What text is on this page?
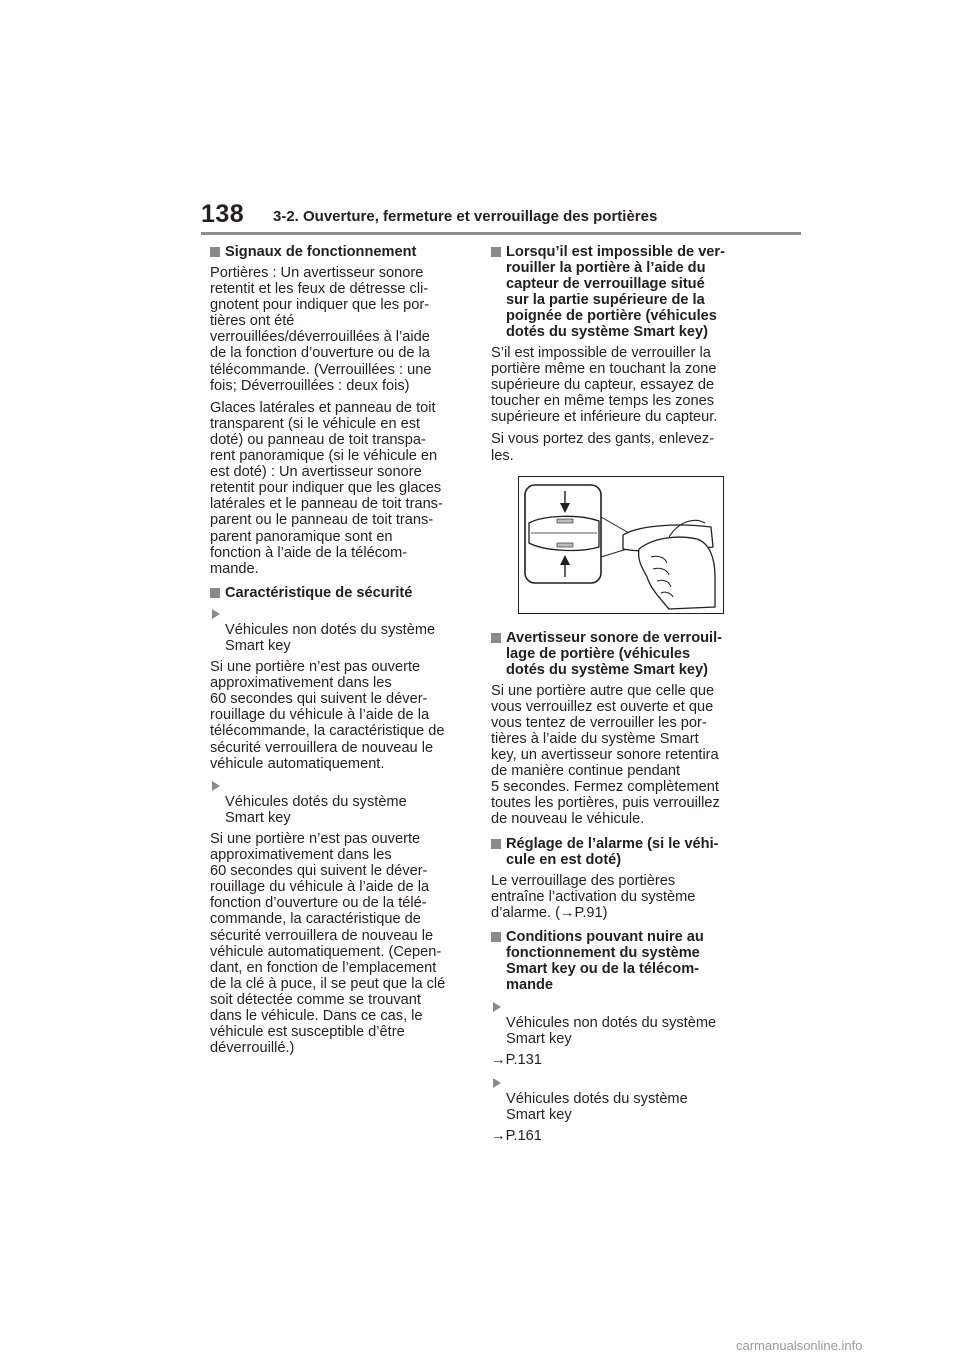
138 3-2. Ouverture, fermeture et verrouillage des portières
Signaux de fonctionnement
Portières : Un avertisseur sonore
retentit et les feux de détresse cli-
gnotent pour indiquer que les por-
tières ont été
verrouillées/déverrouillées à l’aide
de la fonction d’ouverture ou de la
télécommande. (Verrouillées : une
fois; Déverrouillées : deux fois)
Glaces latérales et panneau de toit
transparent (si le véhicule en est
doté) ou panneau de toit transpa-
rent panoramique (si le véhicule en
est doté) : Un avertisseur sonore
retentit pour indiquer que les glaces
latérales et le panneau de toit trans-
parent ou le panneau de toit trans-
parent panoramique sont en
fonction à l’aide de la télécom-
mande.
Caractéristique de sécurité

Véhicules non dotés du système
Smart key

Si une portière n’est pas ouverte
approximativement dans les
60 secondes qui suivent le déver-
rouillage du véhicule à l’aide de la
télécommande, la caractéristique de
sécurité verrouillera de nouveau le
véhicule automatiquement.

Véhicules dotés du système
Smart key

Si une portière n’est pas ouverte
approximativement dans les
60 secondes qui suivent le déver-
rouillage du véhicule à l’aide de la
fonction d’ouverture ou de la télé-
commande, la caractéristique de
sécurité verrouillera de nouveau le
véhicule automatiquement. (Cepen-
dant, en fonction de l’emplacement
de la clé à puce, il se peut que la clé
soit détectée comme se trouvant
dans le véhicule. Dans ce cas, le
véhicule est susceptible d’être
déverrouillé.)
Lorsqu’il est impossible de ver-
rouiller la portière à l’aide du
capteur de verrouillage situé
sur la partie supérieure de la
poignée de portière (véhicules
dotés du système Smart key)
S’il est impossible de verrouiller la
portière même en touchant la zone
supérieure du capteur, essayez de
toucher en même temps les zones
supérieure et inférieure du capteur.
Si vous portez des gants, enlevez-
les.
Avertisseur sonore de verrouil-
lage de portière (véhicules
dotés du système Smart key)
Si une portière autre que celle que
vous verrouillez est ouverte et que
vous tentez de verrouiller les por-
tières à l’aide du système Smart
key, un avertisseur sonore retentira
de manière continue pendant
5 secondes. Fermez complètement
toutes les portières, puis verrouillez
de nouveau le véhicule.
Réglage de l’alarme (si le véhi-
cule en est doté)
Le verrouillage des portières
entraîne l’activation du système
d’alarme. (→P.91)
Conditions pouvant nuire au
fonctionnement du système
Smart key ou de la télécom-
mande

Véhicules non dotés du système
Smart key

→P.131

Véhicules dotés du système
Smart key

→P.161
carmanualsonline.info
